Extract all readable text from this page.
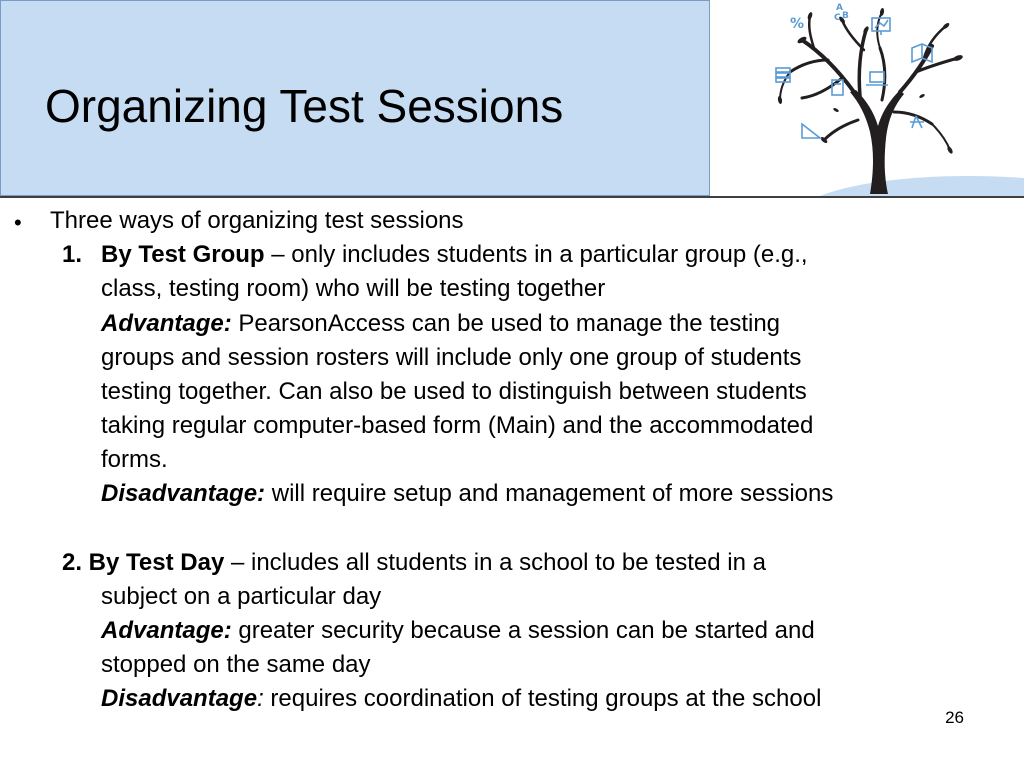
Organizing Test Sessions
%
A
C B
• Three ways of organizing test sessions
1. By Test Group – only includes students in a particular group (e.g.,
class, testing room) who will be testing together
Advantage: PearsonAccess can be used to manage the testing
groups and session rosters will include only one group of students
testing together. Can also be used to distinguish between students
taking regular computer-based form (Main) and the accommodated
forms.
Disadvantage: will require setup and management of more sessions
2. By Test Day – includes all students in a school to be tested in a
subject on a particular day
Advantage: greater security because a session can be started and
stopped on the same day
Disadvantage: requires coordination of testing groups at the school
26
